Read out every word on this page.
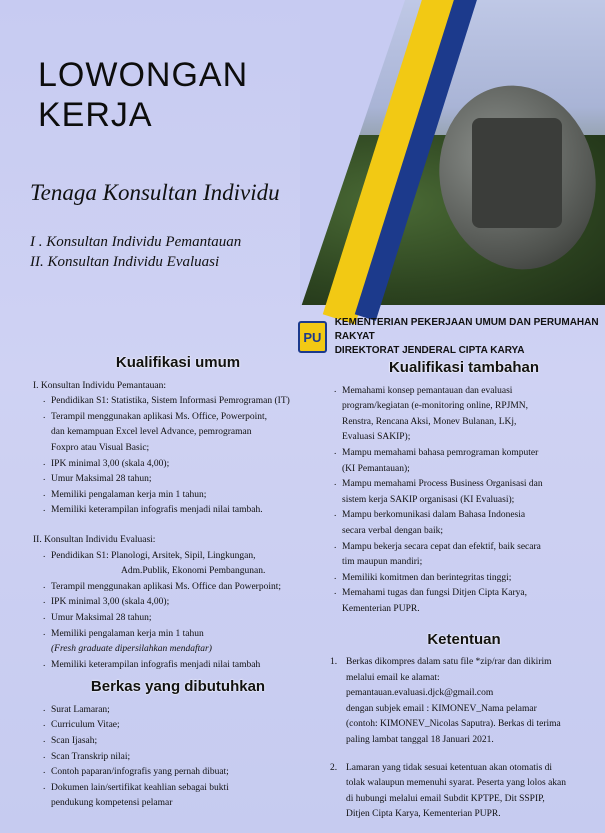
LOWONGAN
KERJA
Tenaga Konsultan Individu
I . Konsultan Individu Pemantauan
II. Konsultan Individu Evaluasi
PU
KEMENTERIAN PEKERJAAN UMUM DAN PERUMAHAN RAKYAT
DIREKTORAT JENDERAL CIPTA KARYA
Kualifikasi umum

I. Konsultan Individu Pemantauan:

. Pendidikan S1: Statistika, Sistem Informasi Pemrograman (IT)
. Terampil menggunakan aplikasi Ms. Office, Powerpoint,
dan kemampuan Excel level Advance, pemrograman
Foxpro atau Visual Basic;
. IPK minimal 3,00 (skala 4,00);
. Umur Maksimal 28 tahun;
. Memiliki pengalaman kerja min 1 tahun;
. Memiliki keterampilan infografis menjadi nilai tambah.

II. Konsultan Individu Evaluasi:

. Pendidikan S1: Planologi, Arsitek, Sipil, Lingkungan,
Adm.Publik, Ekonomi Pembangunan.
. Terampil menggunakan aplikasi Ms. Office dan Powerpoint;
. IPK minimal 3,00 (skala 4,00);
. Umur Maksimal 28 tahun;
. Memiliki pengalaman kerja min 1 tahun
(Fresh graduate dipersilahkan mendaftar)
. Memiliki keterampilan infografis menjadi nilai tambah
Berkas yang dibutuhkan
. Surat Lamaran;
. Curriculum Vitae;
. Scan Ijasah;
. Scan Transkrip nilai;
. Contoh paparan/infografis yang pernah dibuat;
. Dokumen lain/sertifikat keahlian sebagai bukti
pendukung kompetensi pelamar
Kualifikasi tambahan
. Memahami konsep pemantauan dan evaluasi
program/kegiatan (e-monitoring online, RPJMN,
Renstra, Rencana Aksi, Monev Bulanan, LKj,
Evaluasi SAKIP);
. Mampu memahami bahasa pemrograman komputer
(KI Pemantauan);
. Mampu memahami Process Business Organisasi dan
sistem kerja SAKIP organisasi (KI Evaluasi);
. Mampu berkomunikasi dalam Bahasa Indonesia
secara verbal dengan baik;
. Mampu bekerja secara cepat dan efektif, baik secara
tim maupun mandiri;
. Memiliki komitmen dan berintegritas tinggi;
. Memahami tugas dan fungsi Ditjen Cipta Karya,
Kementerian PUPR.
Ketentuan
1. Berkas dikompres dalam satu file *zip/rar dan dikirim
melalui email ke alamat:
pemantauan.evaluasi.djck@gmail.com
dengan subjek email : KIMONEV_Nama pelamar
(contoh: KIMONEV_Nicolas Saputra). Berkas di terima
paling lambat tanggal 18 Januari 2021.
2. Lamaran yang tidak sesuai ketentuan akan otomatis di
tolak walaupun memenuhi syarat. Peserta yang lolos akan
di hubungi melalui email Subdit KPTPE, Dit SSPIP,
Ditjen Cipta Karya, Kementerian PUPR.
